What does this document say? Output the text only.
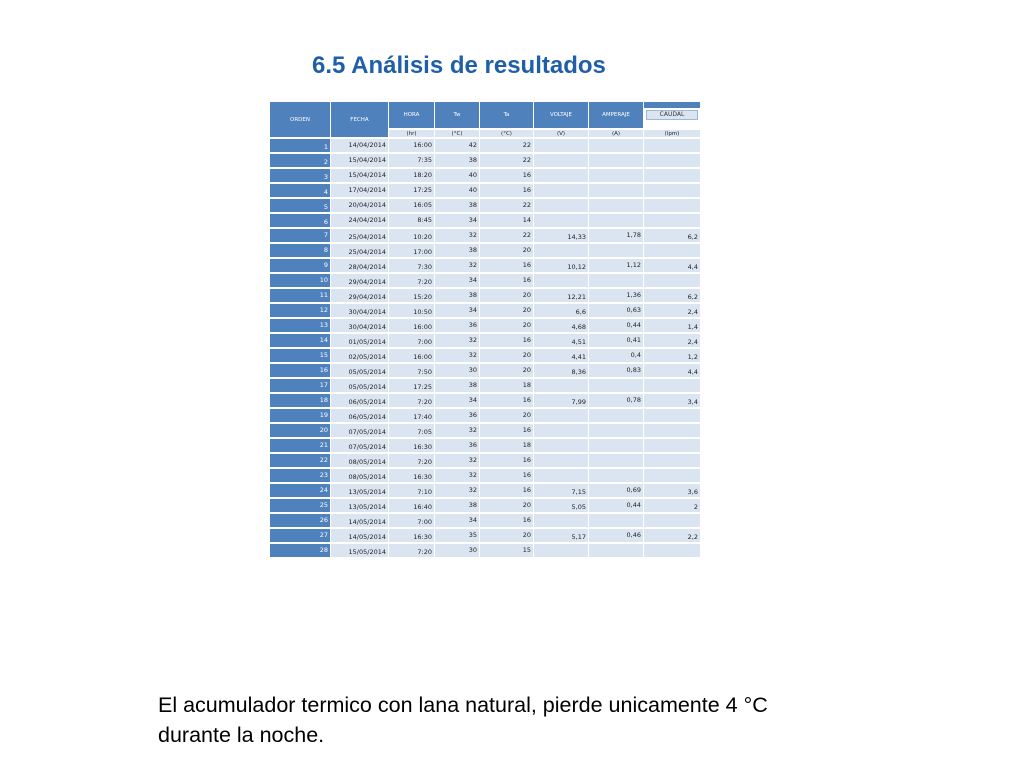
6.5 Análisis de resultados
ORDEN	FECHA	HORA	Tw	Ta	VOLTAJE	AMPERAJE	CAUDAL

		(hr)	(°C)	(°C)	(V)	(A)	(lpm)
1	14/04/2014	16:00	42	22			
2	15/04/2014	7:35	38	22			
3	15/04/2014	18:20	40	16			
4	17/04/2014	17:25	40	16			
5	20/04/2014	16:05	38	22			
6	24/04/2014	8:45	34	14			
7	25/04/2014	10:20	32	22	14,33	1,78	6,2
8	25/04/2014	17:00	38	20			
9	28/04/2014	7:30	32	16	10,12	1,12	4,4
10	29/04/2014	7:20	34	16			
11	29/04/2014	15:20	38	20	12,21	1,36	6,2
12	30/04/2014	10:50	34	20	6,6	0,63	2,4
13	30/04/2014	16:00	36	20	4,68	0,44	1,4
14	01/05/2014	7:00	32	16	4,51	0,41	2,4
15	02/05/2014	16:00	32	20	4,41	0,4	1,2
16	05/05/2014	7:50	30	20	8,36	0,83	4,4
17	05/05/2014	17:25	38	18			
18	06/05/2014	7:20	34	16	7,99	0,78	3,4
19	06/05/2014	17:40	36	20			
20	07/05/2014	7:05	32	16			
21	07/05/2014	16:30	36	18			
22	08/05/2014	7:20	32	16			
23	08/05/2014	16:30	32	16			
24	13/05/2014	7:10	32	16	7,15	0,69	3,6
25	13/05/2014	16:40	38	20	5,05	0,44	2
26	14/05/2014	7:00	34	16			
27	14/05/2014	16:30	35	20	5,17	0,46	2,2
28	15/05/2014	7:20	30	15			
El acumulador termico con lana natural, pierde unicamente 4 °C
durante la noche.
